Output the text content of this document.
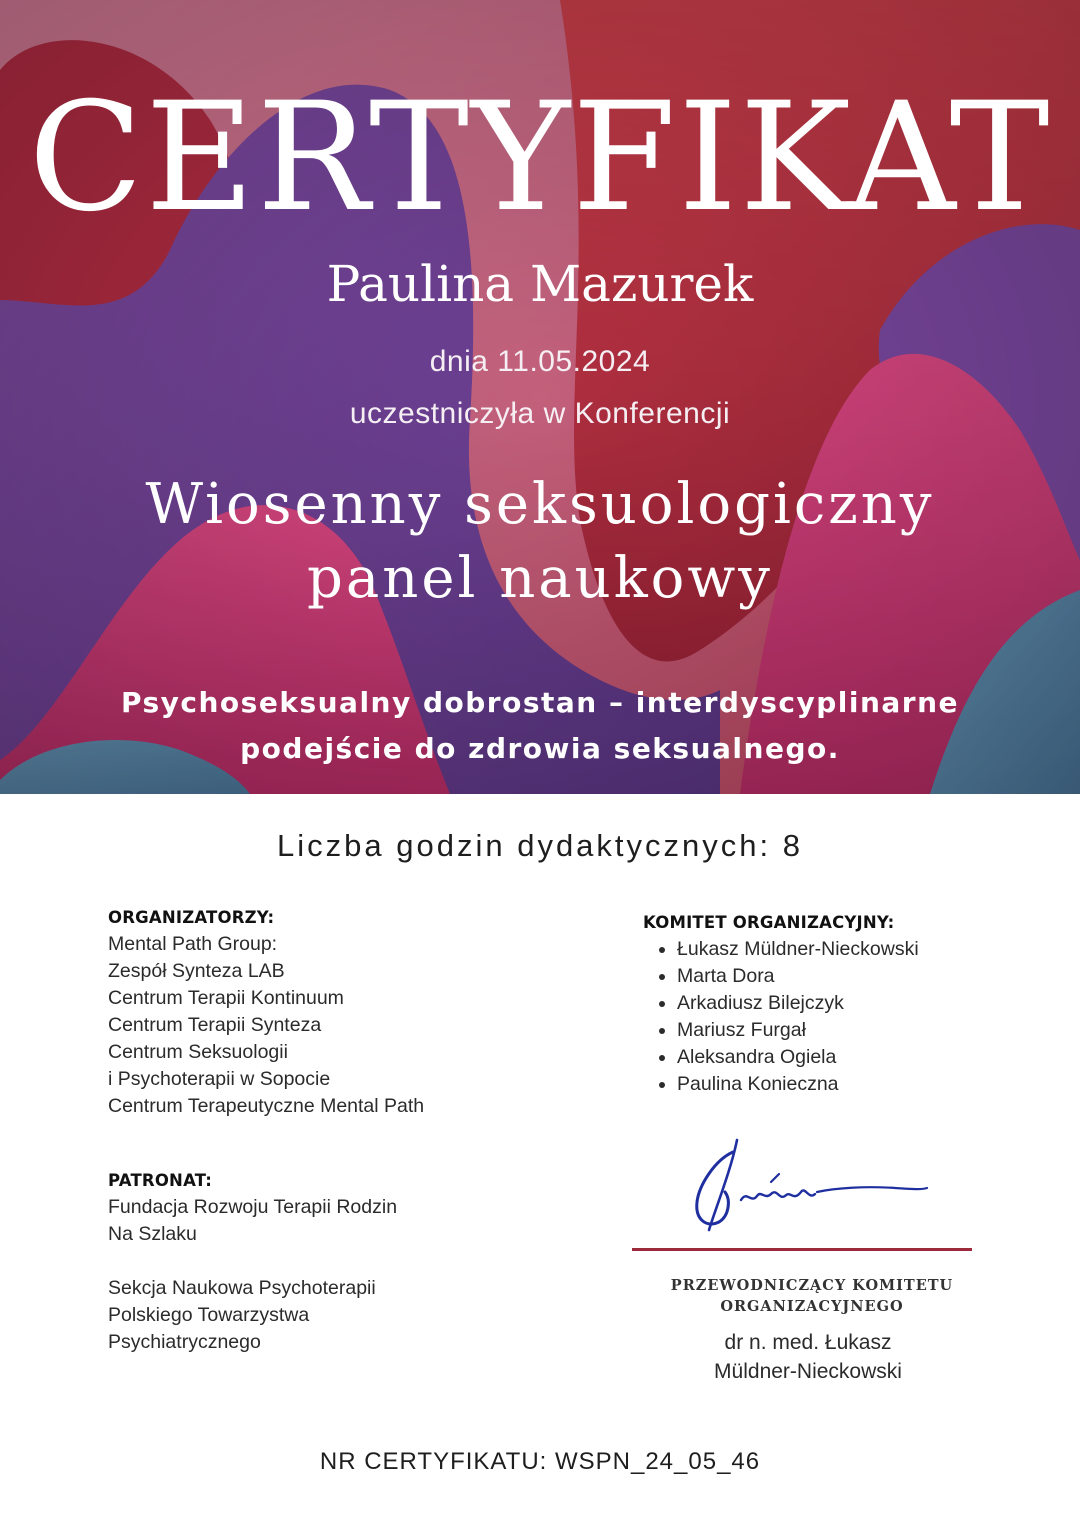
CERTYFIKAT
Paulina Mazurek
dnia 11.05.2024
uczestniczyła w Konferencji
Wiosenny seksuologiczny
panel naukowy
Psychoseksualny dobrostan – interdyscyplinarne
podejście do zdrowia seksualnego.
Liczba godzin dydaktycznych: 8
ORGANIZATORZY:
Mental Path Group:
Zespół Synteza LAB
Centrum Terapii Kontinuum
Centrum Terapii Synteza
Centrum Seksuologii
i Psychoterapii w Sopocie
Centrum Terapeutyczne Mental Path
PATRONAT:
Fundacja Rozwoju Terapii Rodzin
Na Szlaku
Sekcja Naukowa Psychoterapii
Polskiego Towarzystwa
Psychiatrycznego
KOMITET ORGANIZACYJNY:
• Łukasz Müldner-Nieckowski
• Marta Dora
• Arkadiusz Bilejczyk
• Mariusz Furgał
• Aleksandra Ogiela
• Paulina Konieczna
PRZEWODNICZĄCY KOMITETU
ORGANIZACYJNEGO
dr n. med. Łukasz
Müldner-Nieckowski
NR CERTYFIKATU: WSPN_24_05_46
